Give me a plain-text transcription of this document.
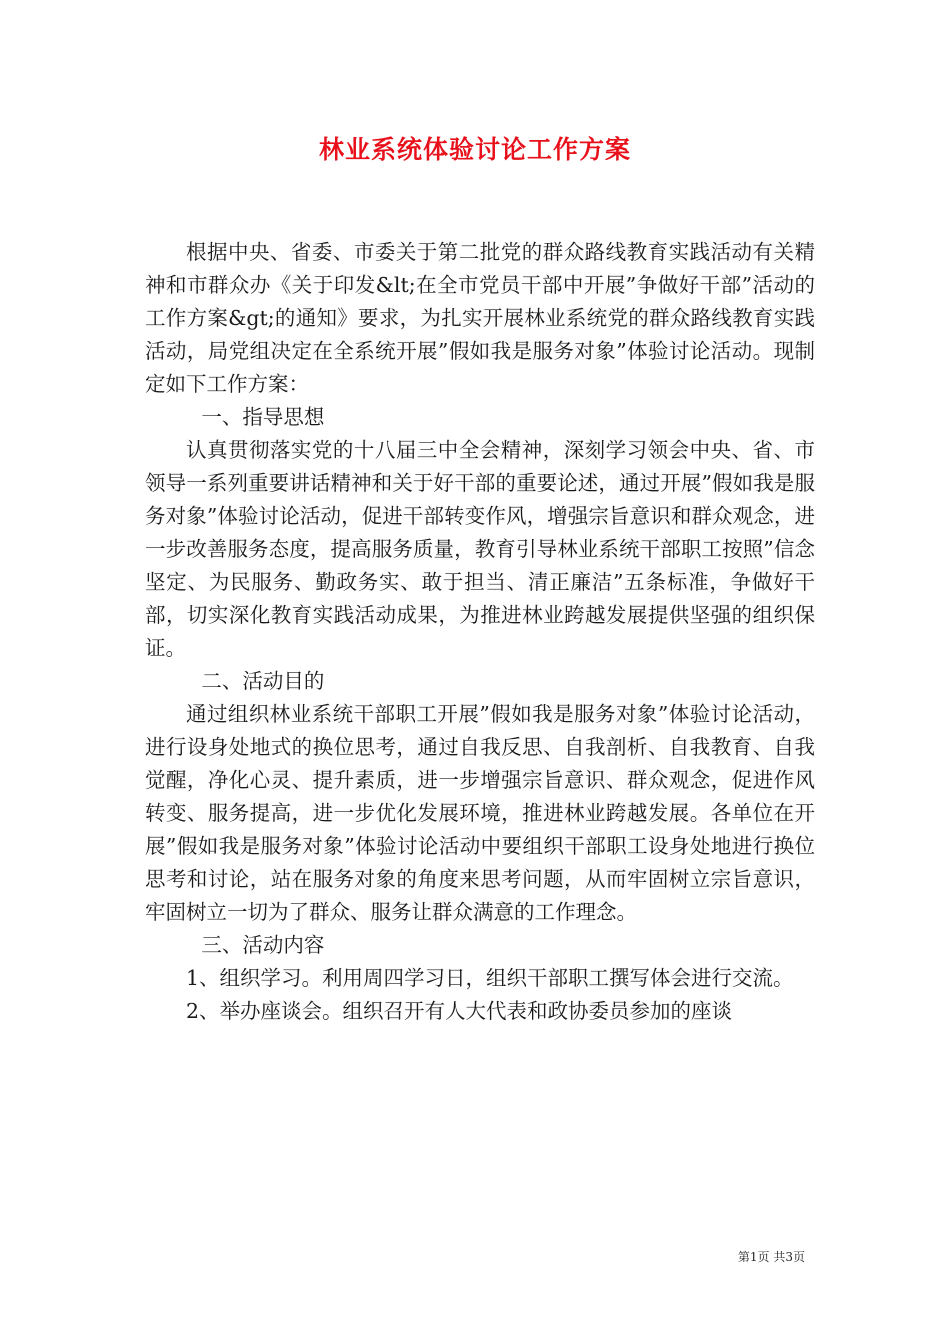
林业系统体验讨论工作方案

根据中央、省委、市委关于第二批党的群众路线教育实践活动有关精神和市群众办《关于印发&lt;在全市党员干部中开展”争做好干部”活动的工作方案&gt;的通知》要求，为扎实开展林业系统党的群众路线教育实践活动，局党组决定在全系统开展”假如我是服务对象”体验讨论活动。现制定如下工作方案：

一、指导思想

认真贯彻落实党的十八届三中全会精神，深刻学习领会中央、省、市领导一系列重要讲话精神和关于好干部的重要论述，通过开展”假如我是服务对象”体验讨论活动，促进干部转变作风，增强宗旨意识和群众观念，进一步改善服务态度，提高服务质量，教育引导林业系统干部职工按照”信念坚定、为民服务、勤政务实、敢于担当、清正廉洁”五条标准，争做好干部，切实深化教育实践活动成果，为推进林业跨越发展提供坚强的组织保证。

二、活动目的

通过组织林业系统干部职工开展”假如我是服务对象”体验讨论活动，进行设身处地式的换位思考，通过自我反思、自我剖析、自我教育、自我觉醒，净化心灵、提升素质，进一步增强宗旨意识、群众观念，促进作风转变、服务提高，进一步优化发展环境，推进林业跨越发展。各单位在开展”假如我是服务对象”体验讨论活动中要组织干部职工设身处地进行换位思考和讨论，站在服务对象的角度来思考问题，从而牢固树立宗旨意识，牢固树立一切为了群众、服务让群众满意的工作理念。

三、活动内容

1、组织学习。利用周四学习日，组织干部职工撰写体会进行交流。

2、举办座谈会。组织召开有人大代表和政协委员参加的座谈

第1页 共3页
